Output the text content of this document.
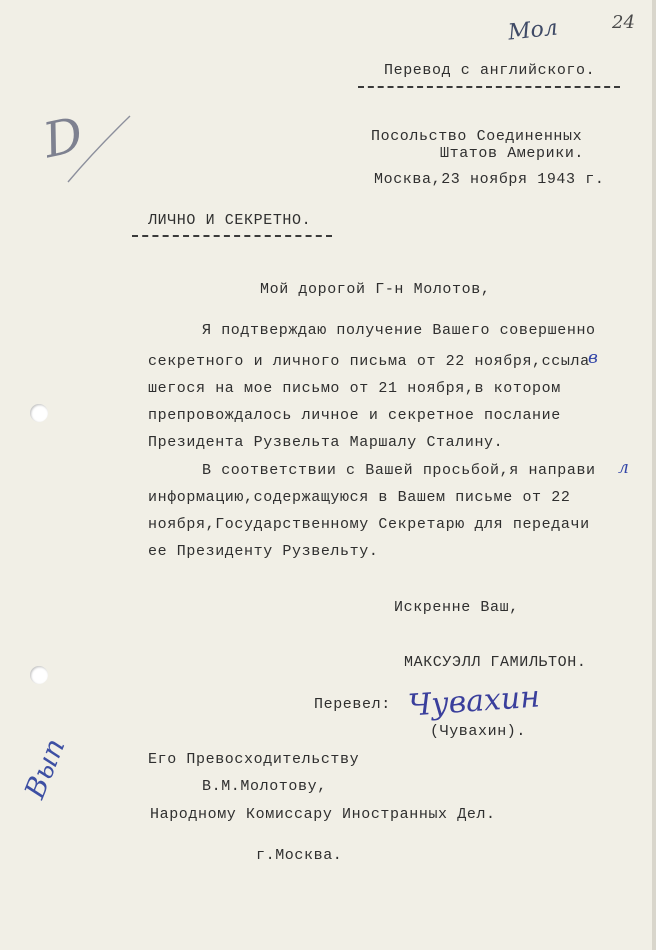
Мол	24
D
Перевод с английского.
Посольство Соединенных
Штатов Америки.
Москва,23 ноября 1943 г.
ЛИЧНО И СЕКРЕТНО.
Мой дорогой Г-н Молотов,
Я подтверждаю получение Вашего совершенно
секретного и личного письма от 22 ноября,ссыла
в
шегося на мое письмо от 21 ноября,в котором
препровождалось личное и секретное послание
Президента Рузвельта Маршалу Сталину.
В соответствии с Вашей просьбой,я направи л
информацию,содержащуюся в Вашем письме от 22
ноября,Государственному Секретарю для передачи
ее Президенту Рузвельту.
Искренне Ваш,
МАКСУЭЛЛ ГАМИЛЬТОН.
Перевел: Чувахин
(Чувахин).
Вып	Его Превосходительству
В.М.Молотову,
Народному Комиссару Иностранных Дел.
г.Москва.
